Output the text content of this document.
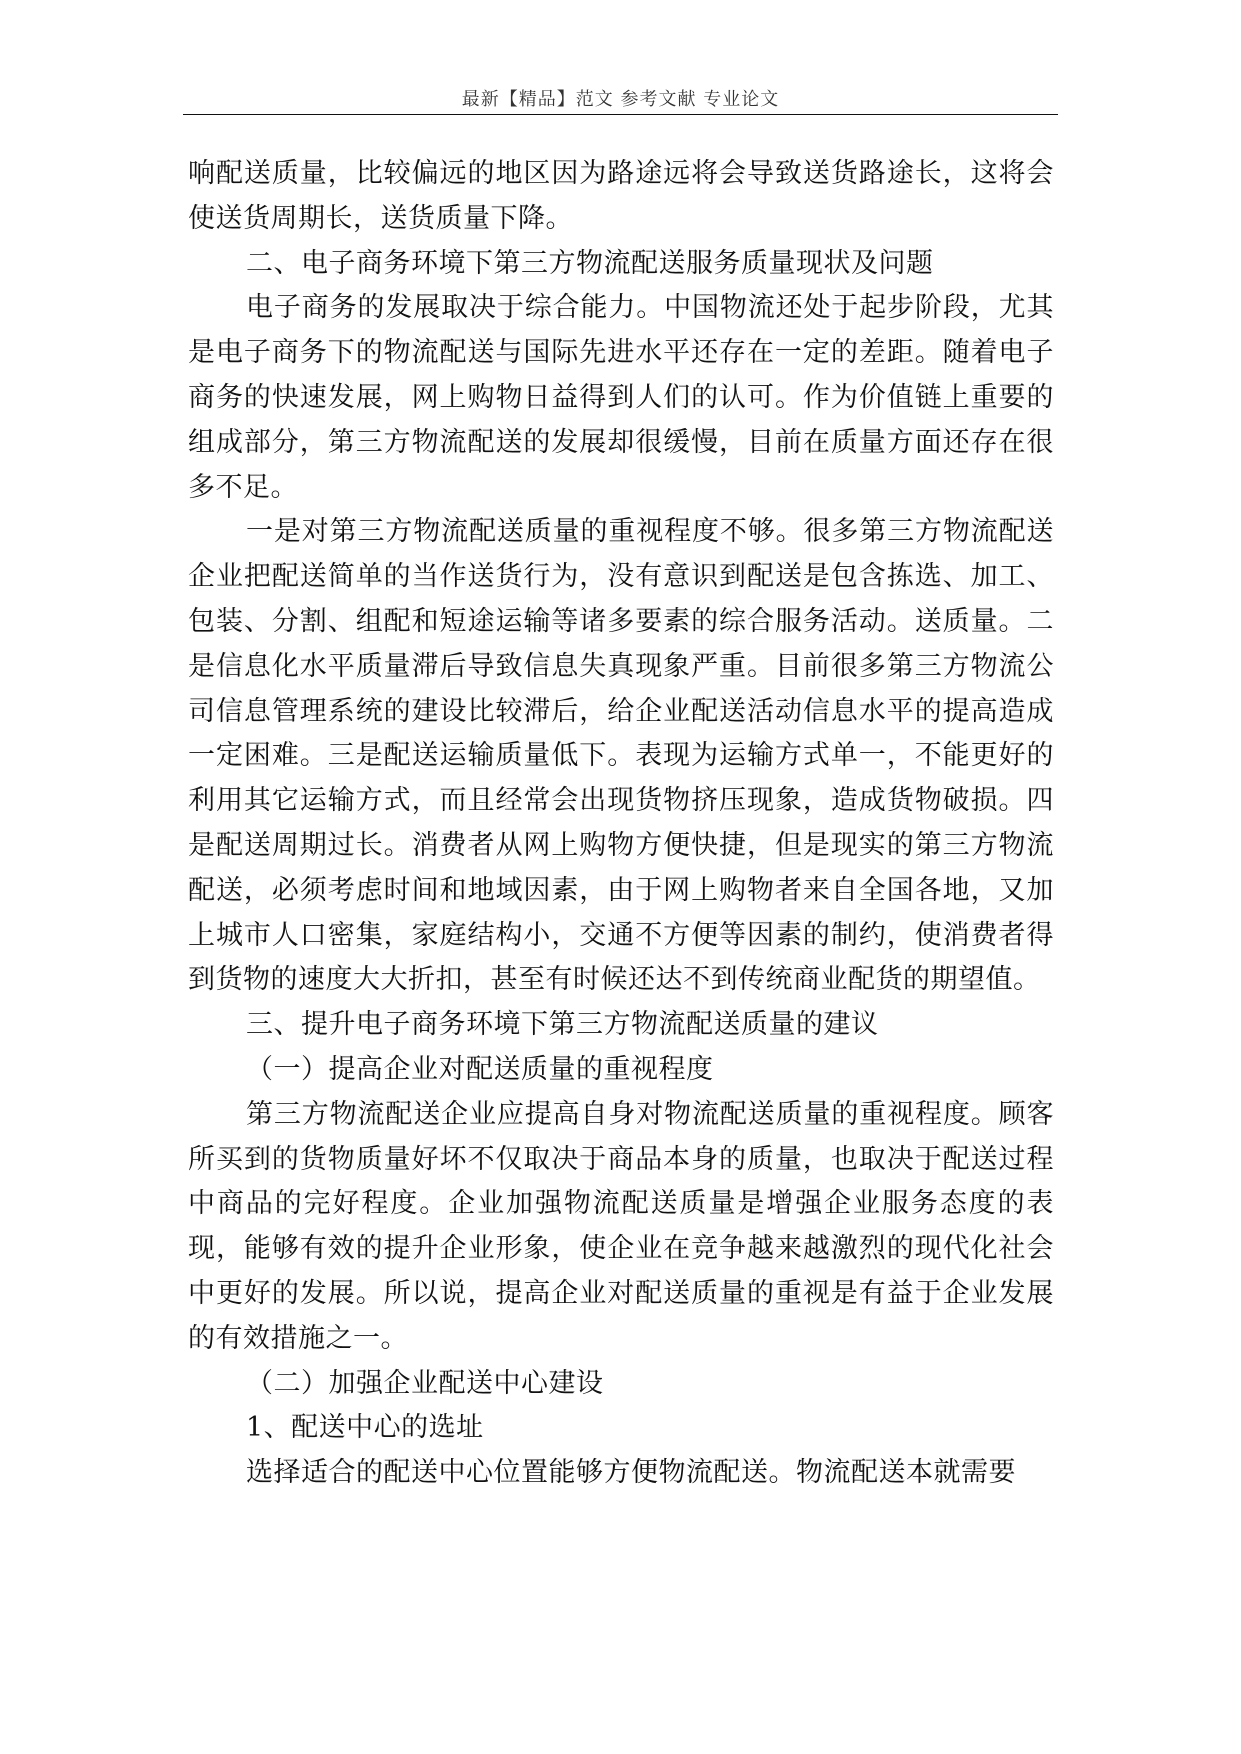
最新【精品】范文 参考文献 专业论文

响配送质量，比较偏远的地区因为路途远将会导致送货路途长，这将会使送货周期长，送货质量下降。

二、电子商务环境下第三方物流配送服务质量现状及问题

电子商务的发展取决于综合能力。中国物流还处于起步阶段，尤其是电子商务下的物流配送与国际先进水平还存在一定的差距。随着电子商务的快速发展，网上购物日益得到人们的认可。作为价值链上重要的组成部分，第三方物流配送的发展却很缓慢，目前在质量方面还存在很多不足。

一是对第三方物流配送质量的重视程度不够。很多第三方物流配送企业把配送简单的当作送货行为，没有意识到配送是包含拣选、加工、包装、分割、组配和短途运输等诸多要素的综合服务活动。送质量。二是信息化水平质量滞后导致信息失真现象严重。目前很多第三方物流公司信息管理系统的建设比较滞后，给企业配送活动信息水平的提高造成一定困难。三是配送运输质量低下。表现为运输方式单一，不能更好的利用其它运输方式，而且经常会出现货物挤压现象，造成货物破损。四是配送周期过长。消费者从网上购物方便快捷，但是现实的第三方物流配送，必须考虑时间和地域因素，由于网上购物者来自全国各地，又加上城市人口密集，家庭结构小，交通不方便等因素的制约，使消费者得到货物的速度大大折扣，甚至有时候还达不到传统商业配货的期望值。

三、提升电子商务环境下第三方物流配送质量的建议

（一）提高企业对配送质量的重视程度

第三方物流配送企业应提高自身对物流配送质量的重视程度。顾客所买到的货物质量好坏不仅取决于商品本身的质量，也取决于配送过程中商品的完好程度。企业加强物流配送质量是增强企业服务态度的表现，能够有效的提升企业形象，使企业在竞争越来越激烈的现代化社会中更好的发展。所以说，提高企业对配送质量的重视是有益于企业发展的有效措施之一。

（二）加强企业配送中心建设

1、配送中心的选址

选择适合的配送中心位置能够方便物流配送。物流配送本就需要
